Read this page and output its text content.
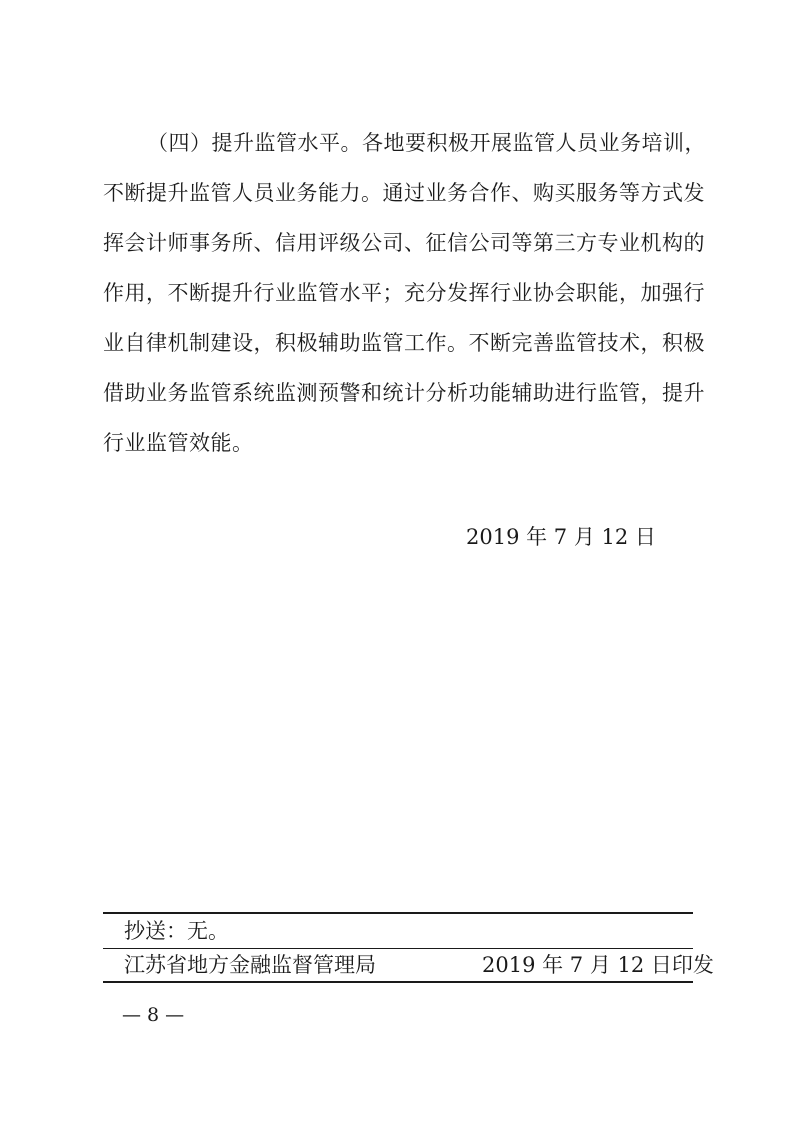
（四）提升监管水平。各地要积极开展监管人员业务培训，
不断提升监管人员业务能力。通过业务合作、购买服务等方式发
挥会计师事务所、信用评级公司、征信公司等第三方专业机构的
作用，不断提升行业监管水平；充分发挥行业协会职能，加强行
业自律机制建设，积极辅助监管工作。不断完善监管技术，积极
借助业务监管系统监测预警和统计分析功能辅助进行监管，提升
行业监管效能。
2019 年 7 月 12 日
抄送：无。
江苏省地方金融监督管理局	2019 年 7 月 12 日印发
— 8 —
